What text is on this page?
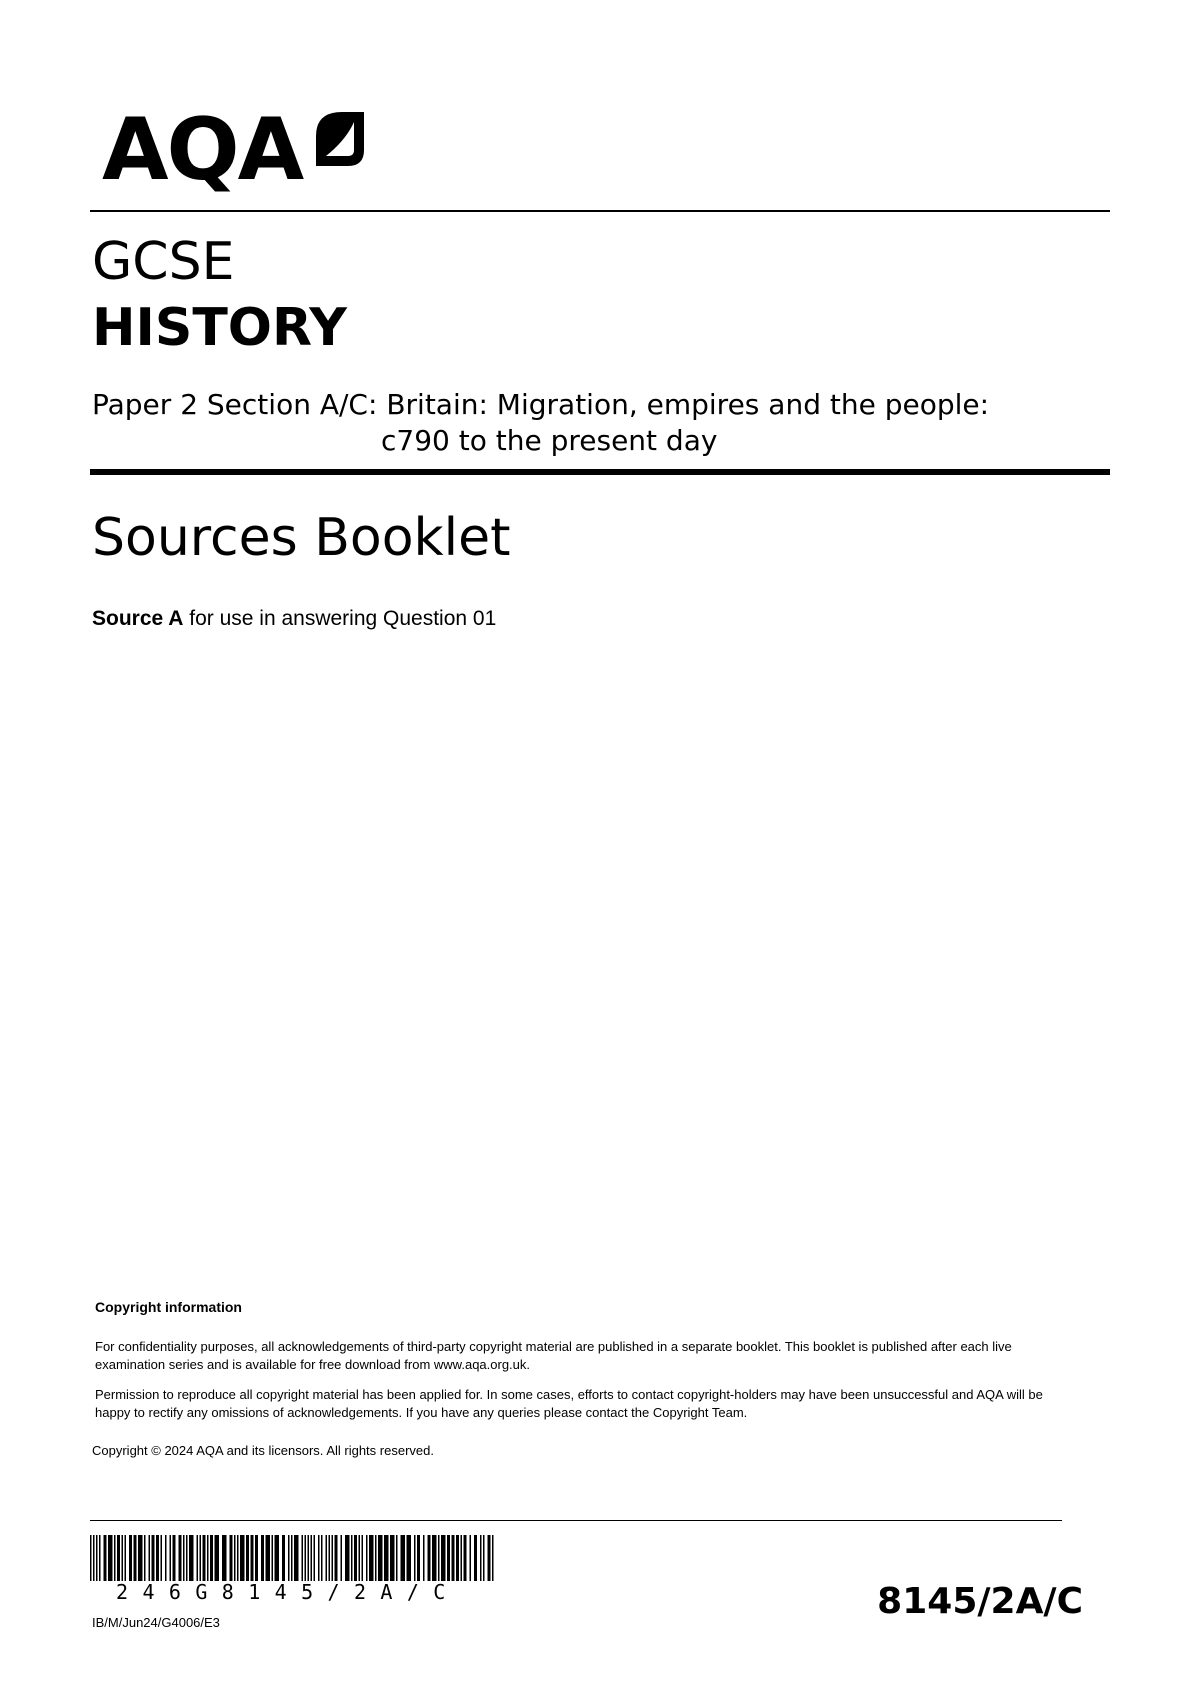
AQA
GCSE
HISTORY
Paper 2 Section A/C: Britain: Migration, empires and the people:
c790 to the present day
Sources Booklet
Source A for use in answering Question 01

Copyright information

For confidentiality purposes, all acknowledgements of third-party copyright material are published in a separate booklet. This booklet is published after each live examination series and is available for free download from www.aqa.org.uk.

Permission to reproduce all copyright material has been applied for. In some cases, efforts to contact copyright-holders may have been unsuccessful and AQA will be happy to rectify any omissions of acknowledgements. If you have any queries please contact the Copyright Team.

Copyright © 2024 AQA and its licensors. All rights reserved.
246G8145/2A/C
IB/M/Jun24/G4006/E3
8145/2A/C
